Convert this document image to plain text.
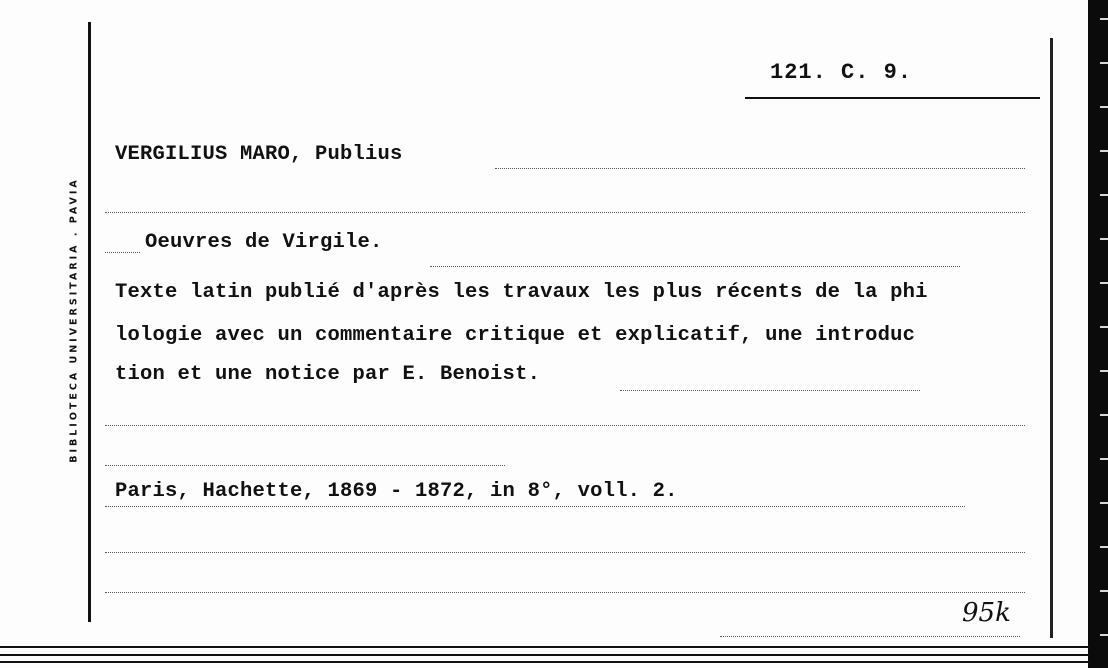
BIBLIOTECA UNIVERSITARIA . PAVIA
121. C. 9.
VERGILIUS MARO, Publius
Oeuvres de Virgile.
Texte latin publié d'après les travaux les plus récents de la phi
lologie avec un commentaire critique et explicatif, une introduc
tion et une notice par E. Benoist.
Paris, Hachette, 1869 - 1872, in 8°, voll. 2.
95k
